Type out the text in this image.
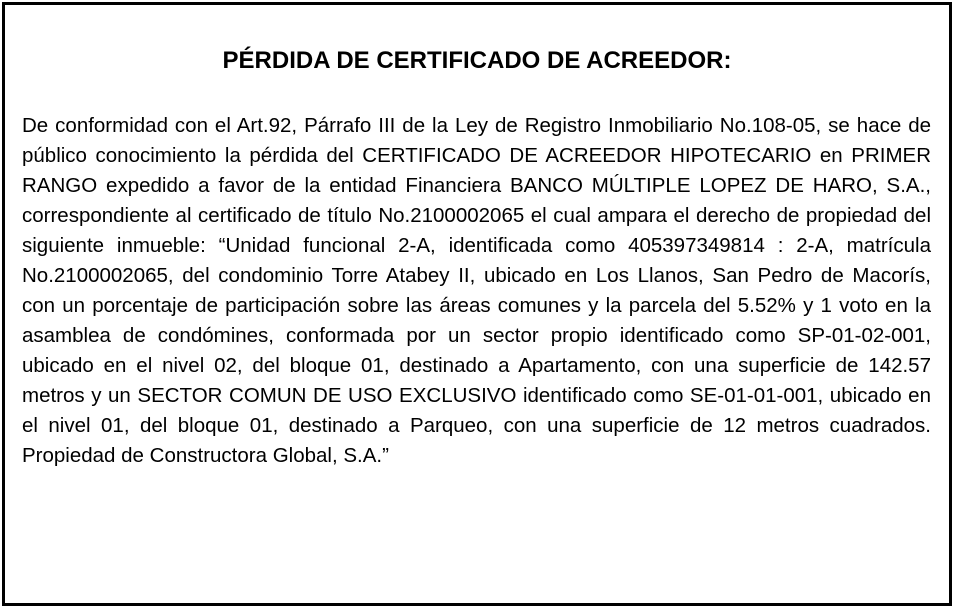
PÉRDIDA DE CERTIFICADO DE ACREEDOR:

De conformidad con el Art.92, Párrafo III de la Ley de Registro Inmobiliario No.108-05, se hace de público conocimiento la pérdida del CERTIFICADO DE ACREEDOR HIPOTECARIO en PRIMER RANGO expedido a favor de la entidad Financiera BANCO MÚLTIPLE LOPEZ DE HARO, S.A., correspondiente al certificado de título No.2100002065 el cual ampara el derecho de propiedad del siguiente inmueble: “Unidad funcional 2-A, identificada como 405397349814 : 2-A, matrícula No.2100002065, del condominio Torre Atabey II, ubicado en Los Llanos, San Pedro de Macorís, con un porcentaje de participación sobre las áreas comunes y la parcela del 5.52% y 1 voto en la asamblea de condómines, conformada por un sector propio identificado como SP-01-02-001, ubicado en el nivel 02, del bloque 01, destinado a Apartamento, con una superficie de 142.57 metros y un SECTOR COMUN DE USO EXCLUSIVO identificado como SE-01-01-001, ubicado en el nivel 01, del bloque 01, destinado a Parqueo, con una superficie de 12 metros cuadrados. Propiedad de Constructora Global, S.A.”
